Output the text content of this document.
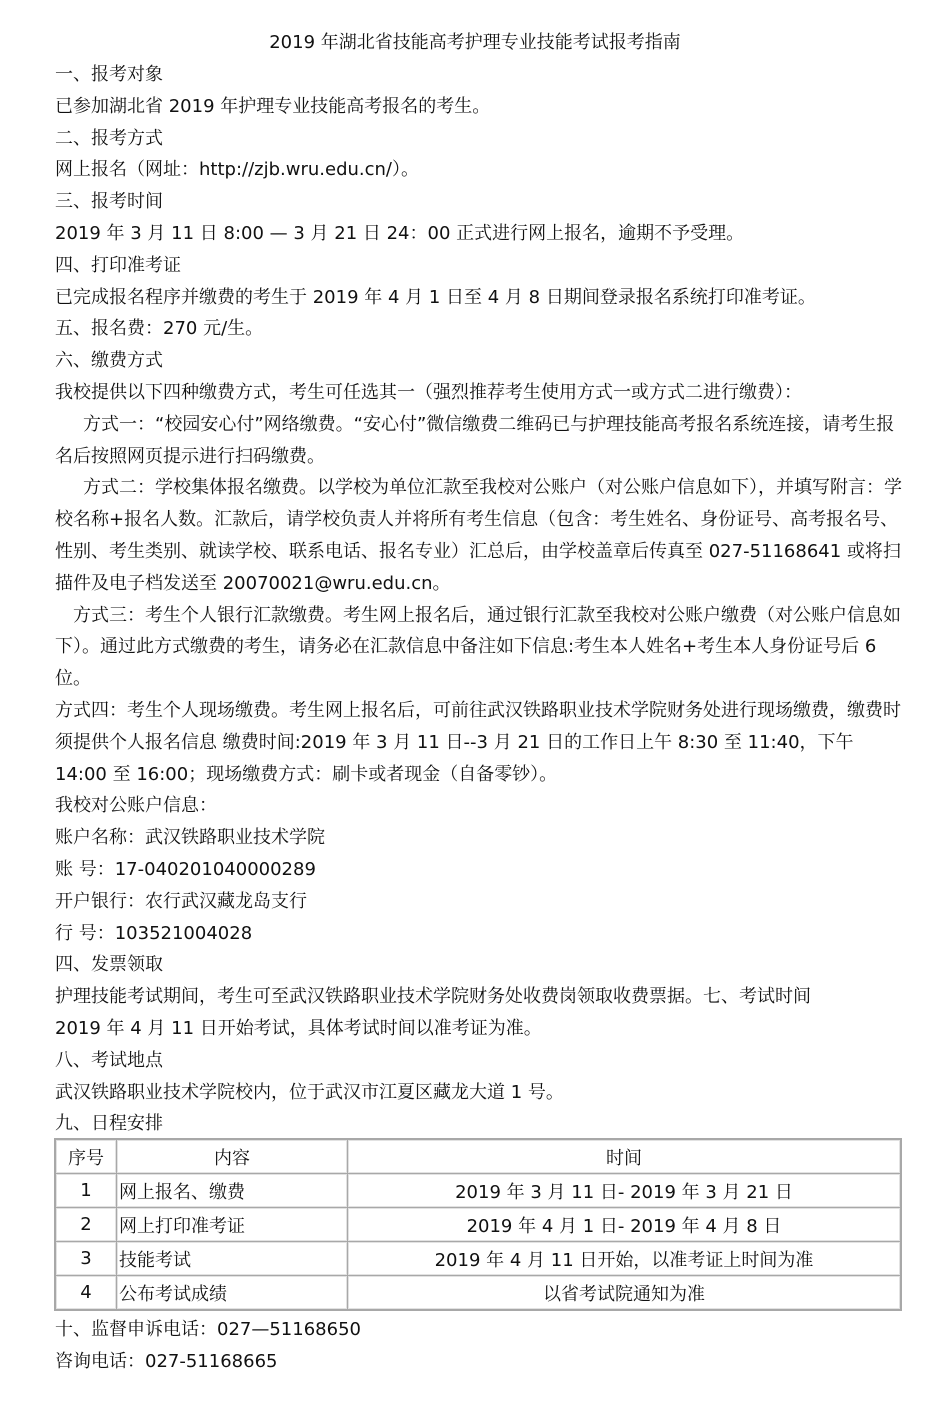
2019 年湖北省技能高考护理专业技能考试报考指南

一、报考对象

已参加湖北省 2019 年护理专业技能高考报名的考生。

二、报考方式

网上报名（网址：http://zjb.wru.edu.cn/）。

三、报考时间

2019 年 3 月 11 日 8:00 — 3 月 21 日 24：00 正式进行网上报名，逾期不予受理。

四、打印准考证

已完成报名程序并缴费的考生于 2019 年 4 月 1 日至 4 月 8 日期间登录报名系统打印准考证。

五、报名费：270 元/生。

六、缴费方式

我校提供以下四种缴费方式，考生可任选其一（强烈推荐考生使用方式一或方式二进行缴费）：

方式一：“校园安心付”网络缴费。“安心付”微信缴费二维码已与护理技能高考报名系统连接，请考生报名后按照网页提示进行扫码缴费。

方式二：学校集体报名缴费。以学校为单位汇款至我校对公账户（对公账户信息如下），并填写附言：学校名称+报名人数。汇款后，请学校负责人并将所有考生信息（包含：考生姓名、身份证号、高考报名号、性别、考生类别、就读学校、联系电话、报名专业）汇总后，由学校盖章后传真至 027-51168641 或将扫描件及电子档发送至 20070021@wru.edu.cn。

方式三：考生个人银行汇款缴费。考生网上报名后，通过银行汇款至我校对公账户缴费（对公账户信息如下）。通过此方式缴费的考生，请务必在汇款信息中备注如下信息:考生本人姓名+考生本人身份证号后 6 位。

方式四：考生个人现场缴费。考生网上报名后，可前往武汉铁路职业技术学院财务处进行现场缴费，缴费时须提供个人报名信息 缴费时间:2019 年 3 月 11 日--3 月 21 日的工作日上午 8:30 至 11:40，下午 14:00 至 16:00；现场缴费方式：刷卡或者现金（自备零钞）。

我校对公账户信息：

账户名称：武汉铁路职业技术学院

账 号：17-040201040000289

开户银行：农行武汉藏龙岛支行

行 号：103521004028

四、发票领取

护理技能考试期间，考生可至武汉铁路职业技术学院财务处收费岗领取收费票据。七、考试时间

2019 年 4 月 11 日开始考试，具体考试时间以准考证为准。

八、考试地点

武汉铁路职业技术学院校内，位于武汉市江夏区藏龙大道 1 号。

九、日程安排

序号	内容	时间
1	网上报名、缴费	2019 年 3 月 11 日- 2019 年 3 月 21 日
2	网上打印准考证	2019 年 4 月 1 日- 2019 年 4 月 8 日
3	技能考试	2019 年 4 月 11 日开始，以准考证上时间为准
4	公布考试成绩	以省考试院通知为准

十、监督申诉电话：027—51168650

咨询电话：027-51168665
